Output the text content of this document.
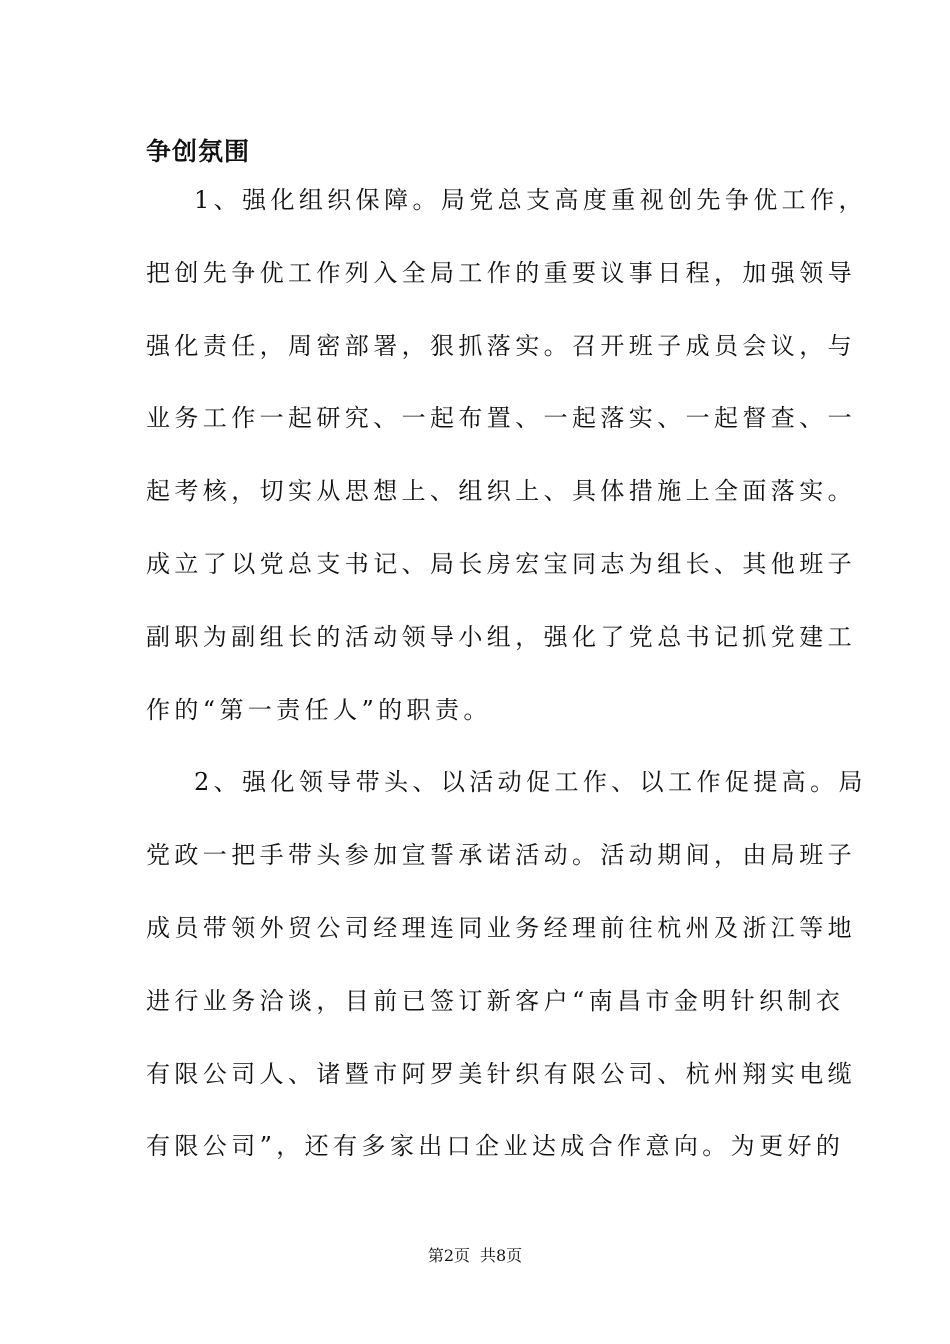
争创氛围
1、强化组织保障。局党总支高度重视创先争优工作，
把创先争优工作列入全局工作的重要议事日程，加强领导
强化责任，周密部署，狠抓落实。召开班子成员会议，与
业务工作一起研究、一起布置、一起落实、一起督查、一
起考核，切实从思想上、组织上、具体措施上全面落实。
成立了以党总支书记、局长房宏宝同志为组长、其他班子
副职为副组长的活动领导小组，强化了党总书记抓党建工
作的“第一责任人”的职责。
2、强化领导带头、以活动促工作、以工作促提高。局
党政一把手带头参加宣誓承诺活动。活动期间，由局班子
成员带领外贸公司经理连同业务经理前往杭州及浙江等地
进行业务洽谈，目前已签订新客户“南昌市金明针织制衣
有限公司人、诸暨市阿罗美针织有限公司、杭州翔实电缆
有限公司”，还有多家出口企业达成合作意向。为更好的
第2页 共8页
